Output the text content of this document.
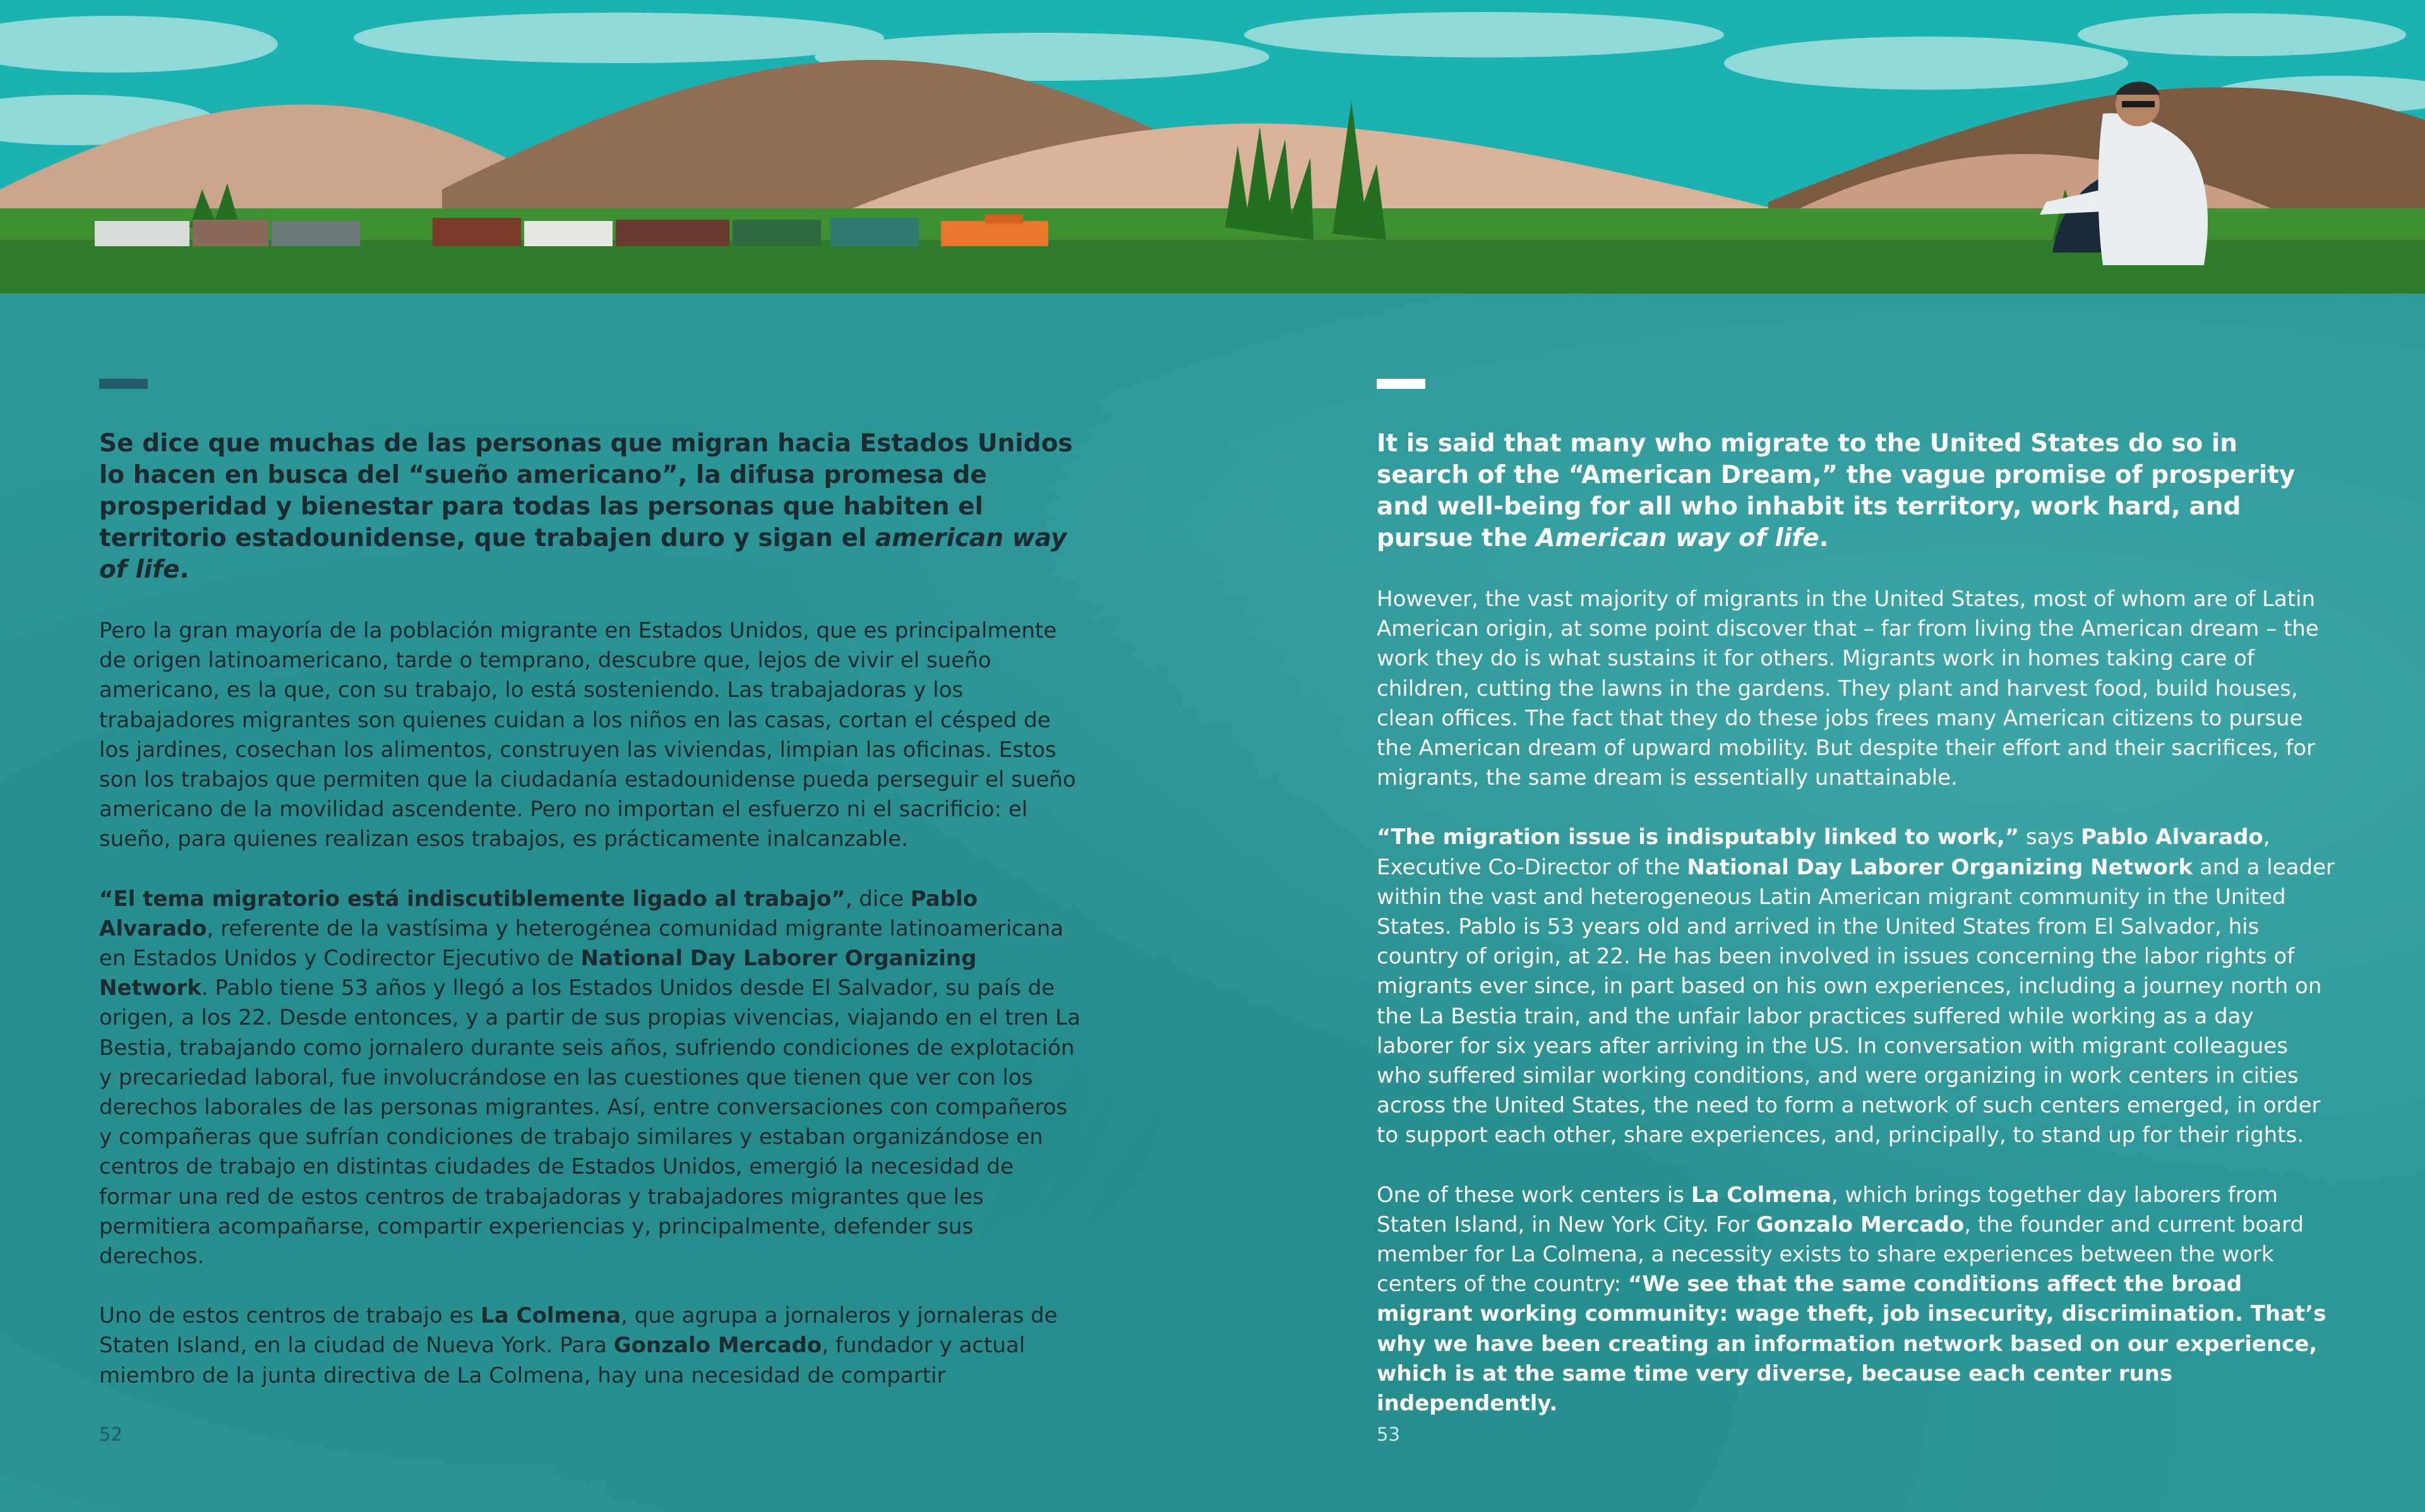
Se dice que muchas de las personas que migran hacia Estados Unidos lo hacen en busca del “sueño americano”, la difusa promesa de prosperidad y bienestar para todas las personas que habiten el territorio estadounidense, que trabajen duro y sigan el american way of life.

Pero la gran mayoría de la población migrante en Estados Unidos, que es principalmente de origen latinoamericano, tarde o temprano, descubre que, lejos de vivir el sueño americano, es la que, con su trabajo, lo está sosteniendo. Las trabajadoras y los trabajadores migrantes son quienes cuidan a los niños en las casas, cortan el césped de los jardines, cosechan los alimentos, construyen las viviendas, limpian las oficinas. Estos son los trabajos que permiten que la ciudadanía estadounidense pueda perseguir el sueño americano de la movilidad ascendente. Pero no importan el esfuerzo ni el sacrificio: el sueño, para quienes realizan esos trabajos, es prácticamente inalcanzable.

“El tema migratorio está indiscutiblemente ligado al trabajo”, dice Pablo Alvarado, referente de la vastísima y heterogénea comunidad migrante latinoamericana en Estados Unidos y Codirector Ejecutivo de National Day Laborer Organizing Network. Pablo tiene 53 años y llegó a los Estados Unidos desde El Salvador, su país de origen, a los 22. Desde entonces, y a partir de sus propias vivencias, viajando en el tren La Bestia, trabajando como jornalero durante seis años, sufriendo condiciones de explotación y precariedad laboral, fue involucrándose en las cuestiones que tienen que ver con los derechos laborales de las personas migrantes. Así, entre conversaciones con compañeros y compañeras que sufrían condiciones de trabajo similares y estaban organizándose en centros de trabajo en distintas ciudades de Estados Unidos, emergió la necesidad de formar una red de estos centros de trabajadoras y trabajadores migrantes que les permitiera acompañarse, compartir experiencias y, principalmente, defender sus derechos.

Uno de estos centros de trabajo es La Colmena, que agrupa a jornaleros y jornaleras de Staten Island, en la ciudad de Nueva York. Para Gonzalo Mercado, fundador y actual miembro de la junta directiva de La Colmena, hay una necesidad de compartir

It is said that many who migrate to the United States do so in search of the “American Dream,” the vague promise of prosperity and well-being for all who inhabit its territory, work hard, and pursue the American way of life.

However, the vast majority of migrants in the United States, most of whom are of Latin American origin, at some point discover that – far from living the American dream – the work they do is what sustains it for others. Migrants work in homes taking care of children, cutting the lawns in the gardens. They plant and harvest food, build houses, clean offices. The fact that they do these jobs frees many American citizens to pursue the American dream of upward mobility. But despite their effort and their sacrifices, for migrants, the same dream is essentially unattainable.

“The migration issue is indisputably linked to work,” says Pablo Alvarado, Executive Co-Director of the National Day Laborer Organizing Network and a leader within the vast and heterogeneous Latin American migrant community in the United States. Pablo is 53 years old and arrived in the United States from El Salvador, his country of origin, at 22. He has been involved in issues concerning the labor rights of migrants ever since, in part based on his own experiences, including a journey north on the La Bestia train, and the unfair labor practices suffered while working as a day laborer for six years after arriving in the US. In conversation with migrant colleagues who suffered similar working conditions, and were organizing in work centers in cities across the United States, the need to form a network of such centers emerged, in order to support each other, share experiences, and, principally, to stand up for their rights.

One of these work centers is La Colmena, which brings together day laborers from Staten Island, in New York City. For Gonzalo Mercado, the founder and current board member for La Colmena, a necessity exists to share experiences between the work centers of the country: “We see that the same conditions affect the broad migrant working community: wage theft, job insecurity, discrimination. That’s why we have been creating an information network based on our experience, which is at the same time very diverse, because each center runs independently.

52	53
